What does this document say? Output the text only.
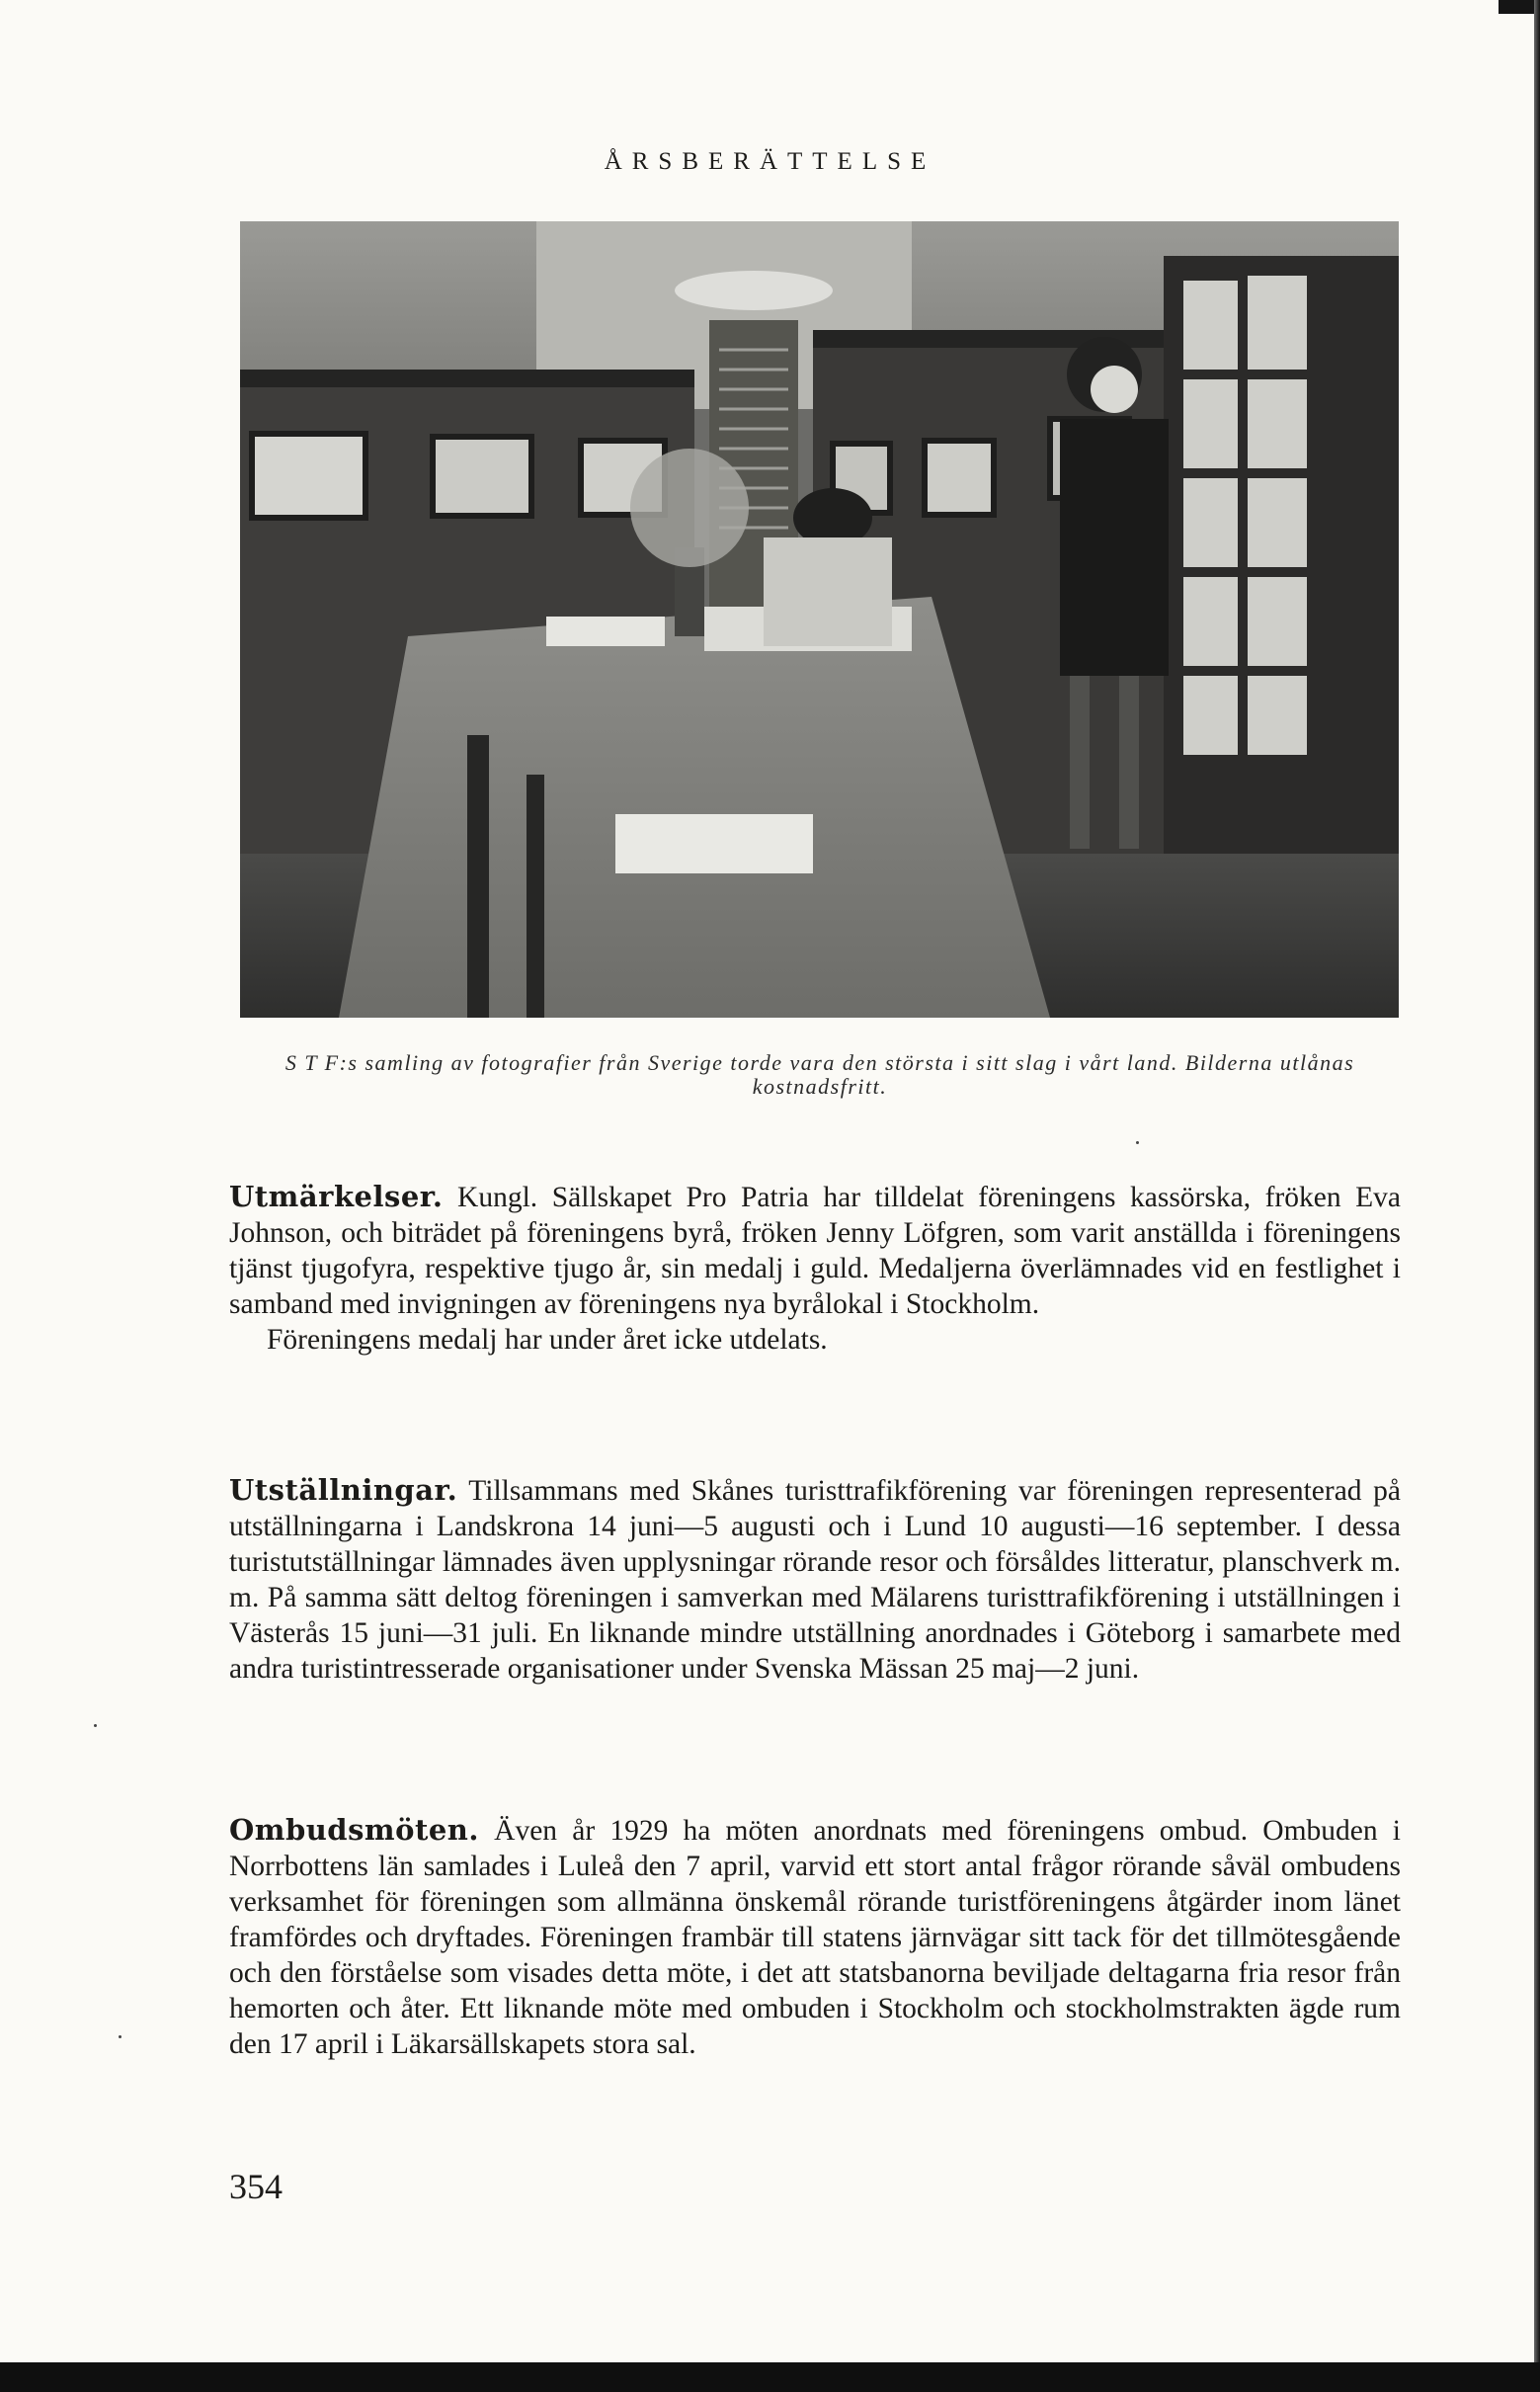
ÅRSBERÄTTELSE
S T F:s samling av fotografier från Sverige torde vara den största i sitt slag i vårt land. Bilderna utlånas kostnadsfritt.

Utmärkelser. Kungl. Sällskapet Pro Patria har tilldelat föreningens kassörska, fröken Eva Johnson, och biträdet på föreningens byrå, fröken Jenny Löfgren, som varit anställda i föreningens tjänst tjugofyra, respektive tjugo år, sin medalj i guld. Medaljerna överlämnades vid en festlighet i samband med invigningen av föreningens nya byrålokal i Stockholm.

Föreningens medalj har under året icke utdelats.

Utställningar. Tillsammans med Skånes turisttrafikförening var föreningen representerad på utställningarna i Landskrona 14 juni—5 augusti och i Lund 10 augusti—16 september. I dessa turistutställningar lämnades även upplysningar rörande resor och försåldes litteratur, planschverk m. m. På samma sätt deltog föreningen i samverkan med Mälarens turisttrafikförening i utställningen i Västerås 15 juni—31 juli. En liknande mindre utställning anordnades i Göteborg i samarbete med andra turistintresserade organisationer under Svenska Mässan 25 maj—2 juni.

Ombudsmöten. Även år 1929 ha möten anordnats med föreningens ombud. Ombuden i Norrbottens län samlades i Luleå den 7 april, varvid ett stort antal frågor rörande såväl ombudens verksamhet för föreningen som allmänna önskemål rörande turistföreningens åtgärder inom länet framfördes och dryftades. Föreningen frambär till statens järnvägar sitt tack för det tillmötesgående och den förståelse som visades detta möte, i det att statsbanorna beviljade deltagarna fria resor från hemorten och åter. Ett liknande möte med ombuden i Stockholm och stockholmstrakten ägde rum den 17 april i Läkarsällskapets stora sal.

354
